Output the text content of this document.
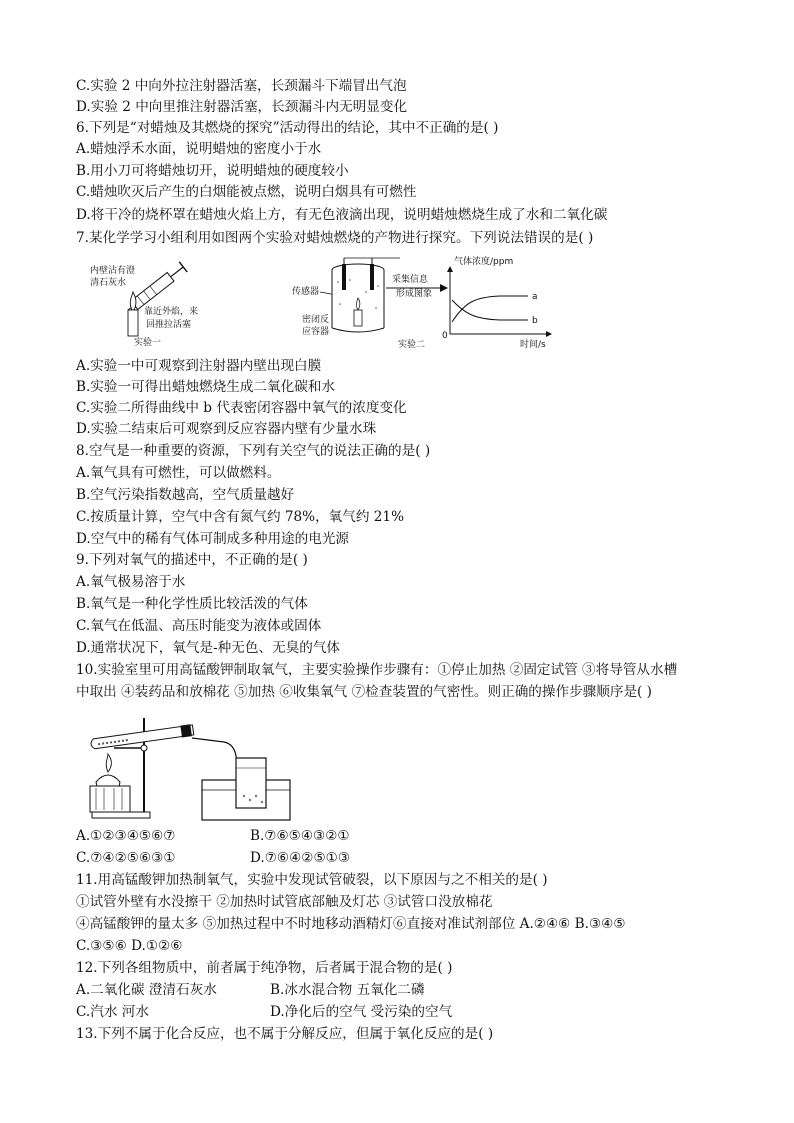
C.实验 2 中向外拉注射器活塞，长颈漏斗下端冒出气泡
D.实验 2 中向里推注射器活塞，长颈漏斗内无明显变化
6.下列是“对蜡烛及其燃烧的探究”活动得出的结论，其中不正确的是( )
A.蜡烛浮禾水面，说明蜡烛的密度小于水
B.用小刀可将蜡烛切开，说明蜡烛的硬度较小
C.蜡烛吹灭后产生的白烟能被点燃，说明白烟具有可燃性
D.将干冷的烧杯罩在蜡烛火焰上方，有无色液滴出现，说明蜡烛燃烧生成了水和二氧化碳
7.某化学学习小组利用如图两个实验对蜡烛燃烧的产物进行探究。下列说法错误的是( )
内壁沾有澄
清石灰水
靠近外焰，来
回推拉活塞
实验一
传感器
密闭反
应容器
采集信息
形成图象
实验二
气体浓度/ppm
0
a
b
时间/s
A.实验一中可观察到注射器内壁出现白膜
B.实验一可得出蜡烛燃烧生成二氧化碳和水
C.实验二所得曲线中 b 代表密闭容器中氧气的浓度变化
D.实验二结束后可观察到反应容器内壁有少量水珠
8.空气是一种重要的资源，下列有关空气的说法正确的是( )
A.氧气具有可燃性，可以做燃料。
B.空气污染指数越高，空气质量越好
C.按质量计算，空气中含有氮气约 78%，氧气约 21%
D.空气中的稀有气体可制成多种用途的电光源
9.下列对氧气的描述中，不正确的是( )
A.氧气极易溶于水
B.氧气是一种化学性质比较活泼的气体
C.氧气在低温、高压时能变为液体或固体
D.通常状况下，氧气是-种无色、无臭的气体
10.实验室里可用高锰酸钾制取氧气，主要实验操作步骤有：①停止加热 ②固定试管 ③将导管从水槽
中取出 ④装药品和放棉花 ⑤加热 ⑥收集氧气 ⑦检查装置的气密性。则正确的操作步骤顺序是( )
A.①②③④⑤⑥⑦	B.⑦⑥⑤④③②①
C.⑦④②⑤⑥③①	D.⑦⑥④②⑤①③
11.用高锰酸钾加热制氧气，实验中发现试管破裂，以下原因与之不相关的是( )
①试管外壁有水没擦干 ②加热时试管底部触及灯芯 ③试管口没放棉花
④高锰酸钾的量太多 ⑤加热过程中不时地移动酒精灯⑥直接对准试剂部位 A.②④⑥ B.③④⑤
C.③⑤⑥ D.①②⑥
12.下列各组物质中，前者属于纯净物，后者属于混合物的是( )
A.二氧化碳 澄清石灰水	B.冰水混合物 五氧化二磷
C.汽水 河水	D.净化后的空气 受污染的空气
13.下列不属于化合反应，也不属于分解反应，但属于氧化反应的是( )
